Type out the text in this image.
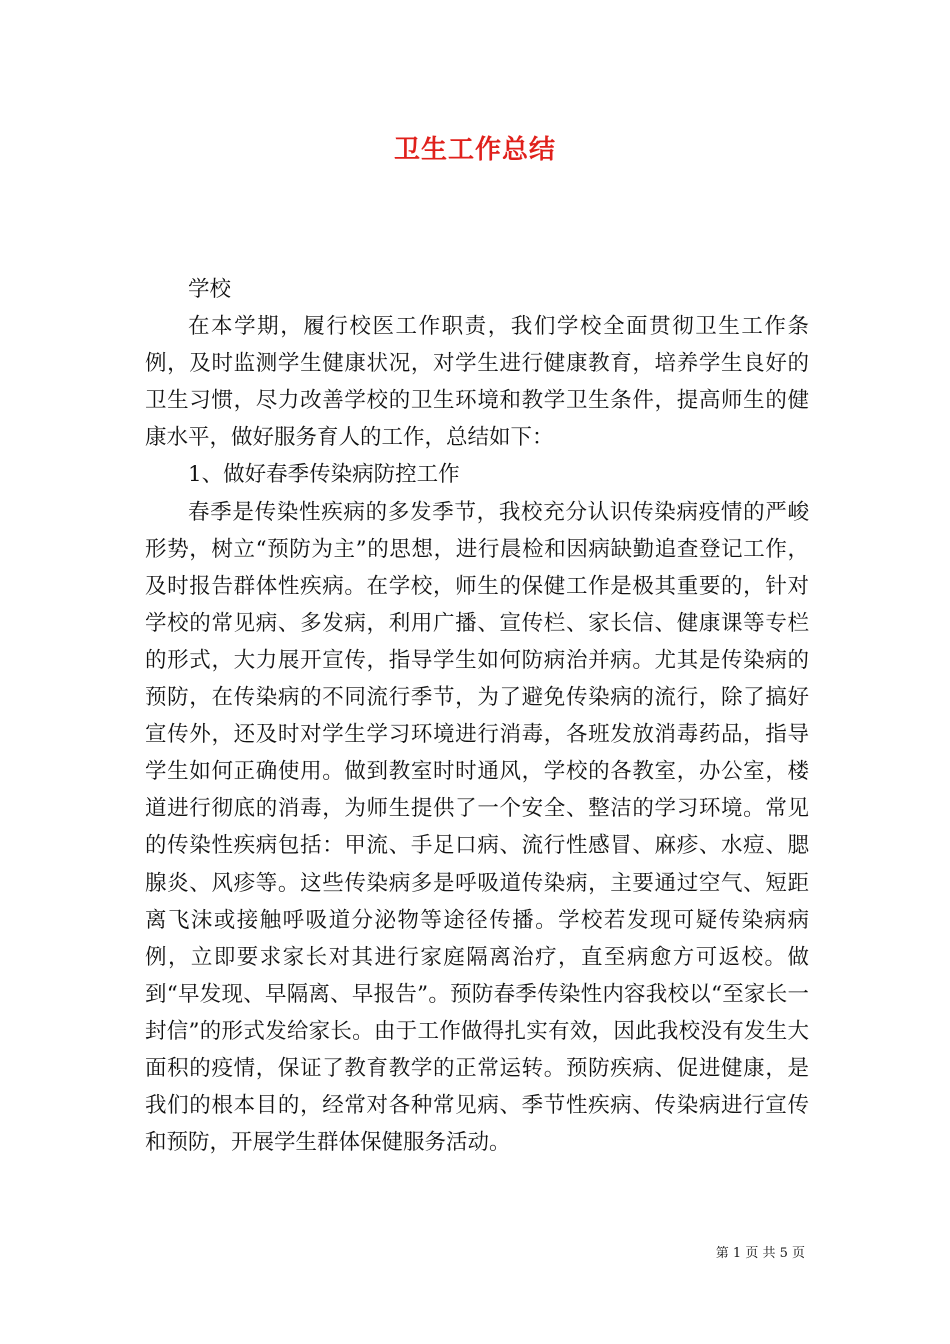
卫生工作总结

学校

在本学期，履行校医工作职责，我们学校全面贯彻卫生工作条例，及时监测学生健康状况，对学生进行健康教育，培养学生良好的卫生习惯，尽力改善学校的卫生环境和教学卫生条件，提高师生的健康水平，做好服务育人的工作，总结如下：

1、做好春季传染病防控工作

春季是传染性疾病的多发季节，我校充分认识传染病疫情的严峻形势，树立“预防为主”的思想，进行晨检和因病缺勤追查登记工作，及时报告群体性疾病。在学校，师生的保健工作是极其重要的，针对学校的常见病、多发病，利用广播、宣传栏、家长信、健康课等专栏的形式，大力展开宣传，指导学生如何防病治并病。尤其是传染病的预防，在传染病的不同流行季节，为了避免传染病的流行，除了搞好宣传外，还及时对学生学习环境进行消毒，各班发放消毒药品，指导学生如何正确使用。做到教室时时通风，学校的各教室，办公室，楼道进行彻底的消毒，为师生提供了一个安全、整洁的学习环境。常见的传染性疾病包括：甲流、手足口病、流行性感冒、麻疹、水痘、腮腺炎、风疹等。这些传染病多是呼吸道传染病，主要通过空气、短距离飞沫或接触呼吸道分泌物等途径传播。学校若发现可疑传染病病例，立即要求家长对其进行家庭隔离治疗，直至病愈方可返校。做到“早发现、早隔离、早报告”。预防春季传染性内容我校以“至家长一封信”的形式发给家长。由于工作做得扎实有效，因此我校没有发生大面积的疫情，保证了教育教学的正常运转。预防疾病、促进健康，是我们的根本目的，经常对各种常见病、季节性疾病、传染病进行宣传和预防，开展学生群体保健服务活动。

第 1 页 共 5 页
